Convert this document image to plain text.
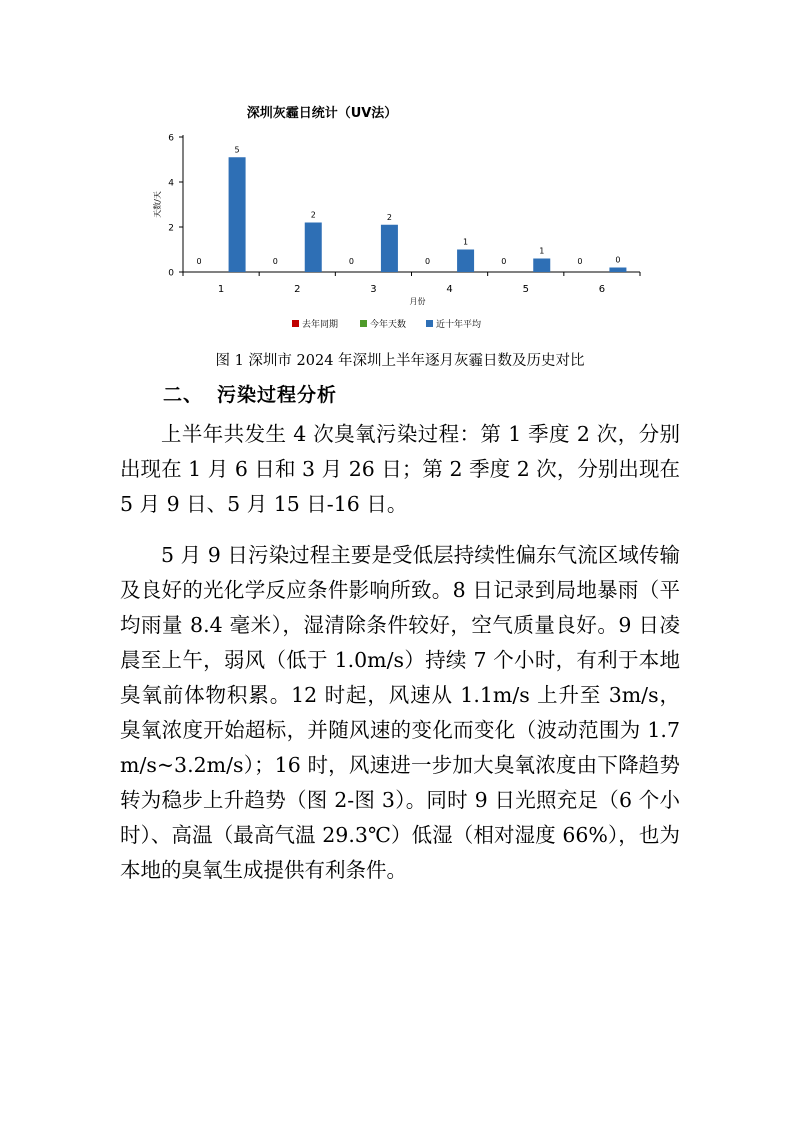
深圳灰霾日统计（UV法）
0
2
4
6
天数/天
1	2	3	4	5	6
月份
5
2	2
1
1
0
0	0	0	0	0	0
去年同期	今年天数	近十年平均
图 1 深圳市 2024 年深圳上半年逐月灰霾日数及历史对比
二、 污染过程分析

上半年共发生 4 次臭氧污染过程：第 1 季度 2 次，分别出现在 1 月 6 日和 3 月 26 日；第 2 季度 2 次，分别出现在 5 月 9 日、5 月 15 日-16 日。

5 月 9 日污染过程主要是受低层持续性偏东气流区域传输及良好的光化学反应条件影响所致。8 日记录到局地暴雨（平均雨量 8.4 毫米），湿清除条件较好，空气质量良好。9 日凌晨至上午，弱风（低于 1.0m/s）持续 7 个小时，有利于本地臭氧前体物积累。12 时起，风速从 1.1m/s 上升至 3m/s，臭氧浓度开始超标，并随风速的变化而变化（波动范围为 1.7m/s~3.2m/s）；16 时，风速进一步加大臭氧浓度由下降趋势转为稳步上升趋势（图 2-图 3）。同时 9 日光照充足（6 个小时）、高温（最高气温 29.3℃）低湿（相对湿度 66%），也为本地的臭氧生成提供有利条件。
